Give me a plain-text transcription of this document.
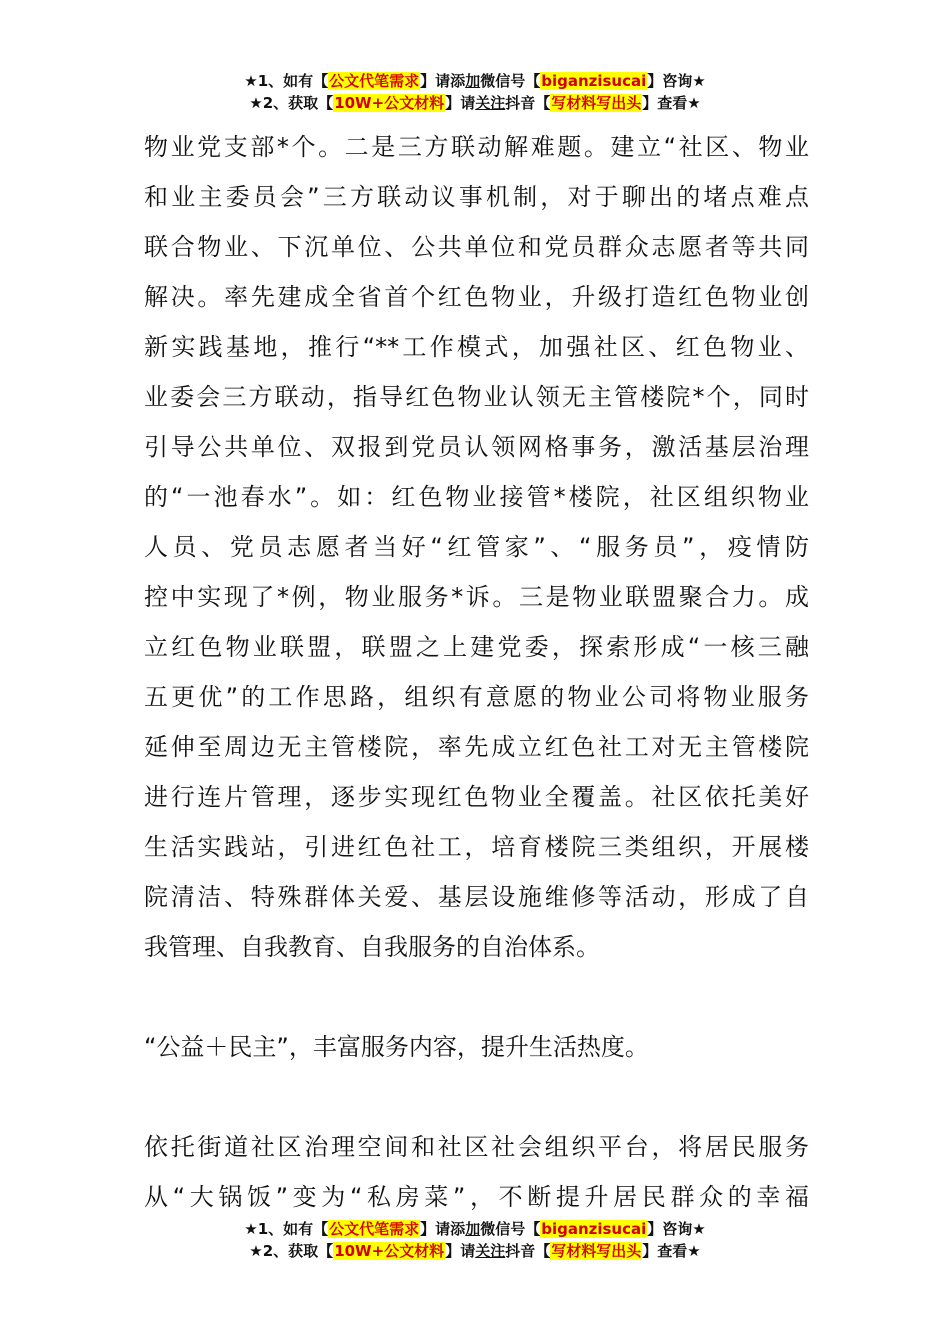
★1、如有【公文代笔需求】请添加微信号【biganzisucai】咨询★
★2、获取【10W+公文材料】请关注抖音【写材料写出头】查看★

物业党支部*个。二是三方联动解难题。建立“社区、物业

和业主委员会”三方联动议事机制，对于聊出的堵点难点

联合物业、下沉单位、公共单位和党员群众志愿者等共同

解决。率先建成全省首个红色物业，升级打造红色物业创

新实践基地，推行“**工作模式，加强社区、红色物业、

业委会三方联动，指导红色物业认领无主管楼院*个，同时

引导公共单位、双报到党员认领网格事务，激活基层治理

的“一池春水”。如：红色物业接管*楼院，社区组织物业

人员、党员志愿者当好“红管家”、“服务员”，疫情防

控中实现了*例，物业服务*诉。三是物业联盟聚合力。成

立红色物业联盟，联盟之上建党委，探索形成“一核三融

五更优”的工作思路，组织有意愿的物业公司将物业服务

延伸至周边无主管楼院，率先成立红色社工对无主管楼院

进行连片管理，逐步实现红色物业全覆盖。社区依托美好

生活实践站，引进红色社工，培育楼院三类组织，开展楼

院清洁、特殊群体关爱、基层设施维修等活动，形成了自

我管理、自我教育、自我服务的自治体系。

“公益＋民主”，丰富服务内容，提升生活热度。

依托街道社区治理空间和社区社会组织平台，将居民服务

从“大锅饭”变为“私房菜”，不断提升居民群众的幸福

★1、如有【公文代笔需求】请添加微信号【biganzisucai】咨询★
★2、获取【10W+公文材料】请关注抖音【写材料写出头】查看★
